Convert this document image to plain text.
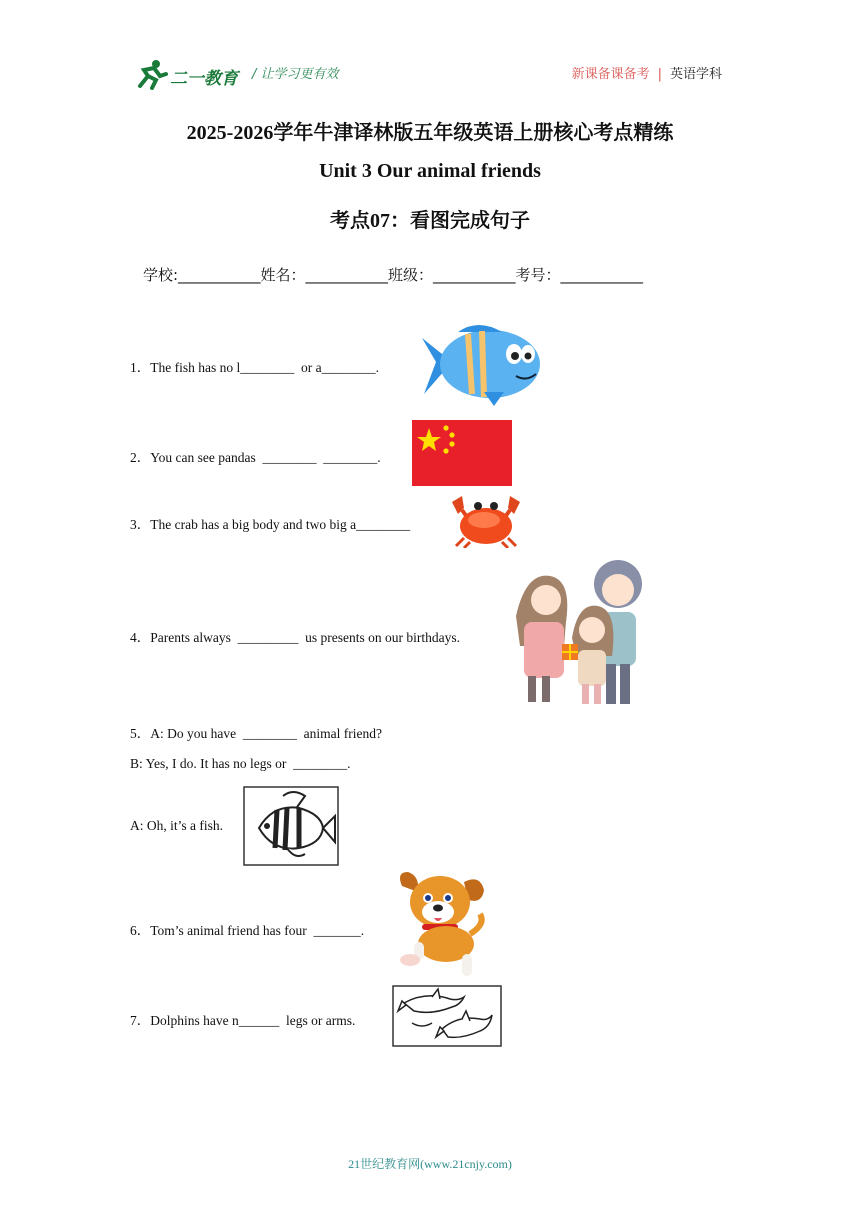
二一教育 / 让学习更有效	新课备课备考 | 英语学科
2025-2026学年牛津译林版五年级英语上册核心考点精练
Unit 3 Our animal friends
考点07：看图完成句子
学校:___________姓名：___________班级：___________考号：___________
1．The fish has no l________  or a________.
2．You can see pandas  ________  ________.
3．The crab has a big body and two big a________
4．Parents always  _________  us presents on our birthdays.
5．A: Do you have  ________  animal friend?
B: Yes, I do. It has no legs or  ________.
A: Oh, it’s a fish.
6．Tom’s animal friend has four  _______.
7．Dolphins have n______  legs or arms.
21世纪教育网(www.21cnjy.com)
